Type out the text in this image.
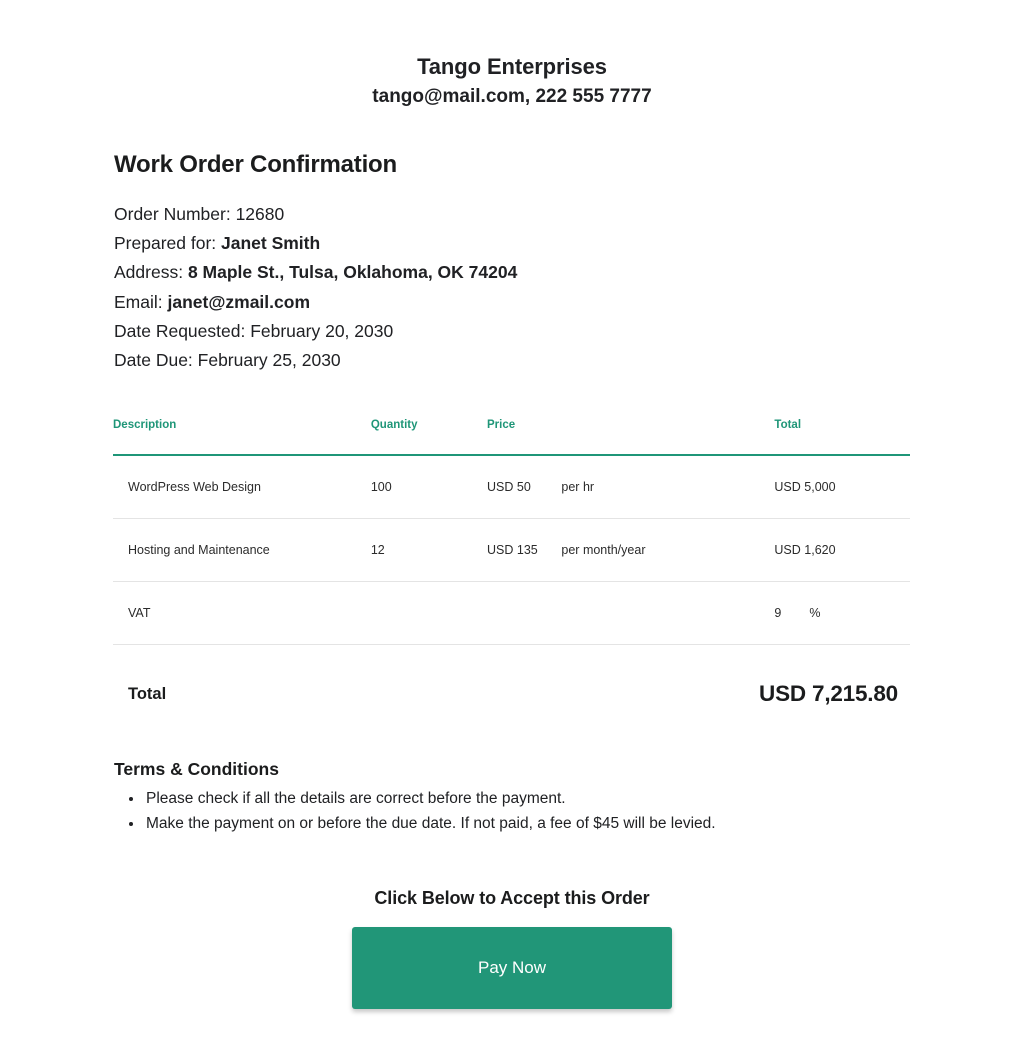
Tango Enterprises
tango@mail.com, 222 555 7777
Work Order Confirmation
Order Number: 12680
Prepared for: Janet Smith
Address: 8 Maple St., Tulsa, Oklahoma, OK 74204
Email: janet@zmail.com
Date Requested: February 20, 2030
Date Due: February 25, 2030
Description	Quantity	Price		Total
WordPress Web Design	100	USD 50	per hr	USD 5,000
Hosting and Maintenance	12	USD 135	per month/year	USD 1,620
VAT				9 %
Total	USD 7,215.80
Terms & Conditions
• Please check if all the details are correct before the payment.
• Make the payment on or before the due date. If not paid, a fee of $45 will be levied.
Click Below to Accept this Order
Pay Now
